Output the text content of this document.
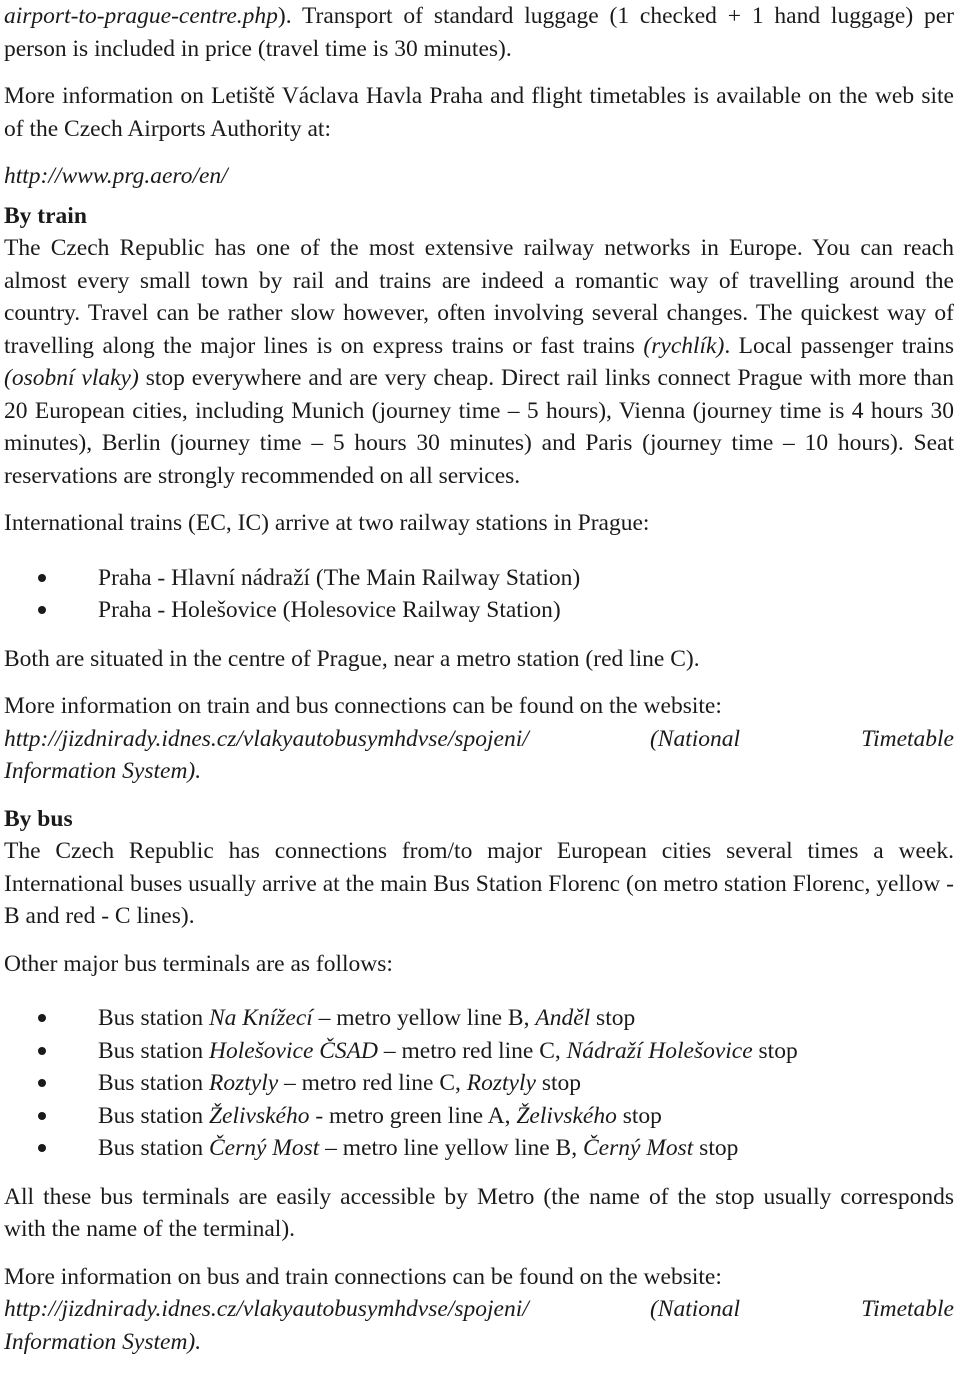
airport-to-prague-centre.php). Transport of standard luggage (1 checked + 1 hand luggage) per person is included in price (travel time is 30 minutes).

More information on Letiště Václava Havla Praha and flight timetables is available on the web site of the Czech Airports Authority at:

http://www.prg.aero/en/

By train

The Czech Republic has one of the most extensive railway networks in Europe. You can reach almost every small town by rail and trains are indeed a romantic way of travelling around the country. Travel can be rather slow however, often involving several changes. The quickest way of travelling along the major lines is on express trains or fast trains (rychlík). Local passenger trains (osobní vlaky) stop everywhere and are very cheap. Direct rail links connect Prague with more than 20 European cities, including Munich (journey time – 5 hours), Vienna (journey time is 4 hours 30 minutes), Berlin (journey time – 5 hours 30 minutes) and Paris (journey time – 10 hours). Seat reservations are strongly recommended on all services.

International trains (EC, IC) arrive at two railway stations in Prague:

Praha - Hlavní nádraží (The Main Railway Station)
Praha - Holešovice (Holesovice Railway Station)

Both are situated in the centre of Prague, near a metro station (red line C).

More information on train and bus connections can be found on the website:

http://jizdnirady.idnes.cz/vlakyautobusymhdvse/spojeni/	(National	Timetable

Information System).

By bus

The Czech Republic has connections from/to major European cities several times a week. International buses usually arrive at the main Bus Station Florenc (on metro station Florenc, yellow - B and red - C lines).

Other major bus terminals are as follows:

Bus station Na Knížecí – metro yellow line B, Anděl stop
Bus station Holešovice ČSAD – metro red line C, Nádraží Holešovice stop
Bus station Roztyly – metro red line C, Roztyly stop
Bus station Želivského - metro green line A, Želivského stop
Bus station Černý Most – metro line yellow line B, Černý Most stop

All these bus terminals are easily accessible by Metro (the name of the stop usually corresponds with the name of the terminal).

More information on bus and train connections can be found on the website:

http://jizdnirady.idnes.cz/vlakyautobusymhdvse/spojeni/	(National	Timetable

Information System).
